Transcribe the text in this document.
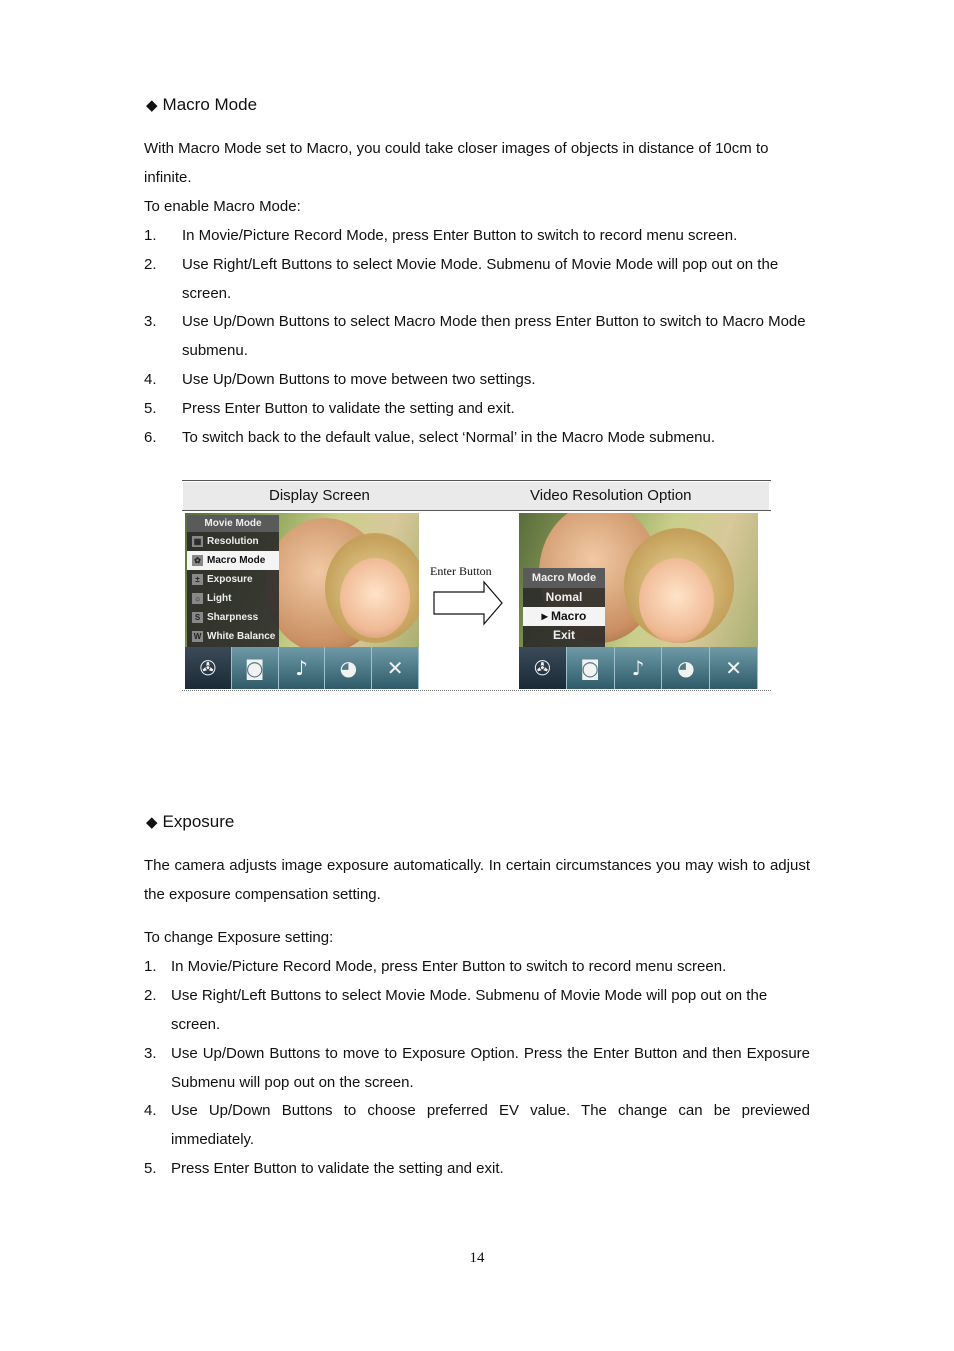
◆ Macro Mode
With Macro Mode set to Macro, you could take closer images of objects in distance of 10cm to infinite.
To enable Macro Mode:
1. In Movie/Picture Record Mode, press Enter Button to switch to record menu screen.
2. Use Right/Left Buttons to select Movie Mode. Submenu of Movie Mode will pop out on the screen.
3. Use Up/Down Buttons to select Macro Mode then press Enter Button to switch to Macro Mode submenu.
4. Use Up/Down Buttons to move between two settings.
5. Press Enter Button to validate the setting and exit.
6. To switch back to the default value, select ‘Normal’ in the Macro Mode submenu.
Display Screen	Video Resolution Option
Movie Mode
▦ Resolution
✿ Macro Mode
± Exposure
☼ Light
S Sharpness
W White Balance
✇	◙	♪	◕	✕
Enter Button	Macro Mode
Nomal
▸ Macro
Exit
✇	◙	♪	◕	✕
◆ Exposure
The camera adjusts image exposure automatically. In certain circumstances you may wish to adjust the exposure compensation setting.
To change Exposure setting:
1. In Movie/Picture Record Mode, press Enter Button to switch to record menu screen.
2. Use Right/Left Buttons to select Movie Mode. Submenu of Movie Mode will pop out on the screen.
3. Use Up/Down Buttons to move to Exposure Option. Press the Enter Button and then Exposure Submenu will pop out on the screen.
4. Use Up/Down Buttons to choose preferred EV value. The change can be previewed immediately.
5. Press Enter Button to validate the setting and exit.
14
